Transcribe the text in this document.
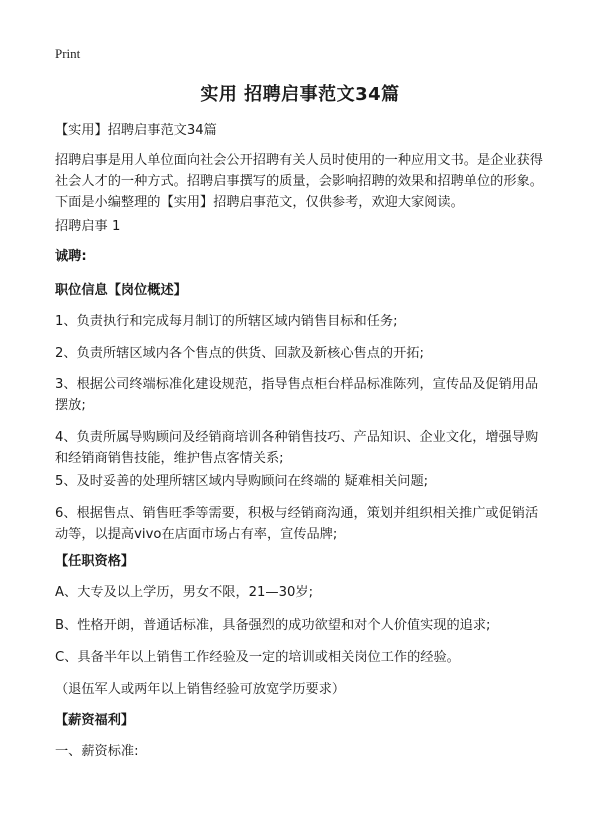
Print
实用 招聘启事范文34篇
【实用】招聘启事范文34篇
招聘启事是用人单位面向社会公开招聘有关人员时使用的一种应用文书。是企业获得社会人才的一种方式。招聘启事撰写的质量，会影响招聘的效果和招聘单位的形象。下面是小编整理的【实用】招聘启事范文，仅供参考，欢迎大家阅读。
招聘启事 1
诚聘:
职位信息【岗位概述】
1、负责执行和完成每月制订的所辖区域内销售目标和任务;
2、负责所辖区域内各个售点的供货、回款及新核心售点的开拓;
3、根据公司终端标准化建设规范，指导售点柜台样品标准陈列，宣传品及促销用品摆放;
4、负责所属导购顾问及经销商培训各种销售技巧、产品知识、企业文化，增强导购和经销商销售技能，维护售点客情关系;
5、及时妥善的处理所辖区域内导购顾问在终端的 疑难相关问题;
6、根据售点、销售旺季等需要，积极与经销商沟通，策划并组织相关推广或促销活动等，以提高vivo在店面市场占有率，宣传品牌;
【任职资格】
A、大专及以上学历，男女不限，21—30岁;
B、性格开朗，普通话标准，具备强烈的成功欲望和对个人价值实现的追求;
C、具备半年以上销售工作经验及一定的培训或相关岗位工作的经验。
（退伍军人或两年以上销售经验可放宽学历要求）
【薪资福利】
一、薪资标准:
